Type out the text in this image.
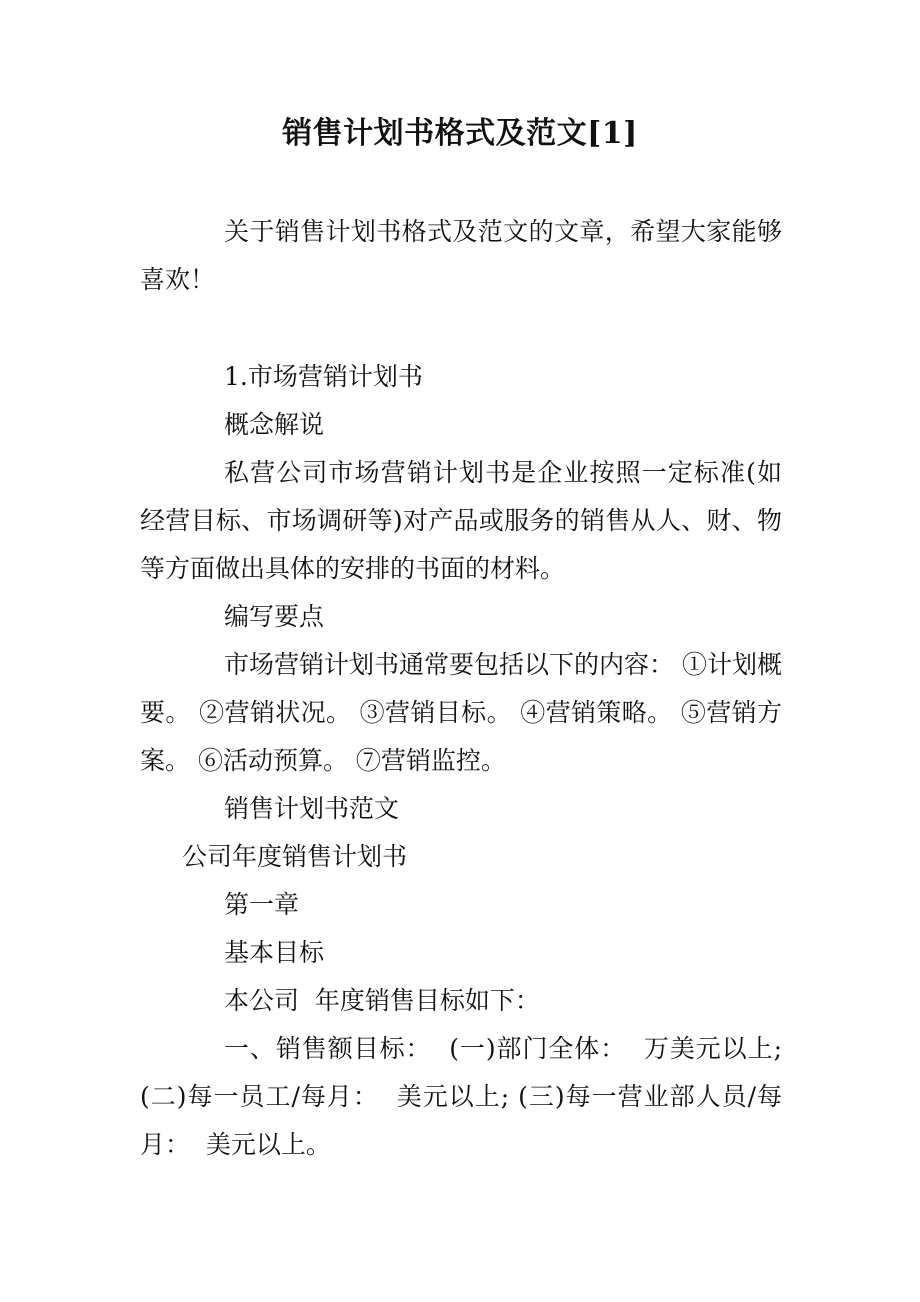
销售计划书格式及范文[1]

关于销售计划书格式及范文的文章，希望大家能够喜欢！

1.市场营销计划书

概念解说

私营公司市场营销计划书是企业按照一定标准(如经营目标、市场调研等)对产品或服务的销售从人、财、物等方面做出具体的安排的书面的材料。

编写要点

市场营销计划书通常要包括以下的内容： ①计划概要。 ②营销状况。 ③营销目标。 ④营销策略。 ⑤营销方案。 ⑥活动预算。 ⑦营销监控。

销售计划书范文

公司年度销售计划书

第一章

基本目标

本公司  年度销售目标如下：

一、销售额目标：  (一)部门全体：  万美元以上; (二)每一员工/每月：  美元以上; (三)每一营业部人员/每月：  美元以上。
